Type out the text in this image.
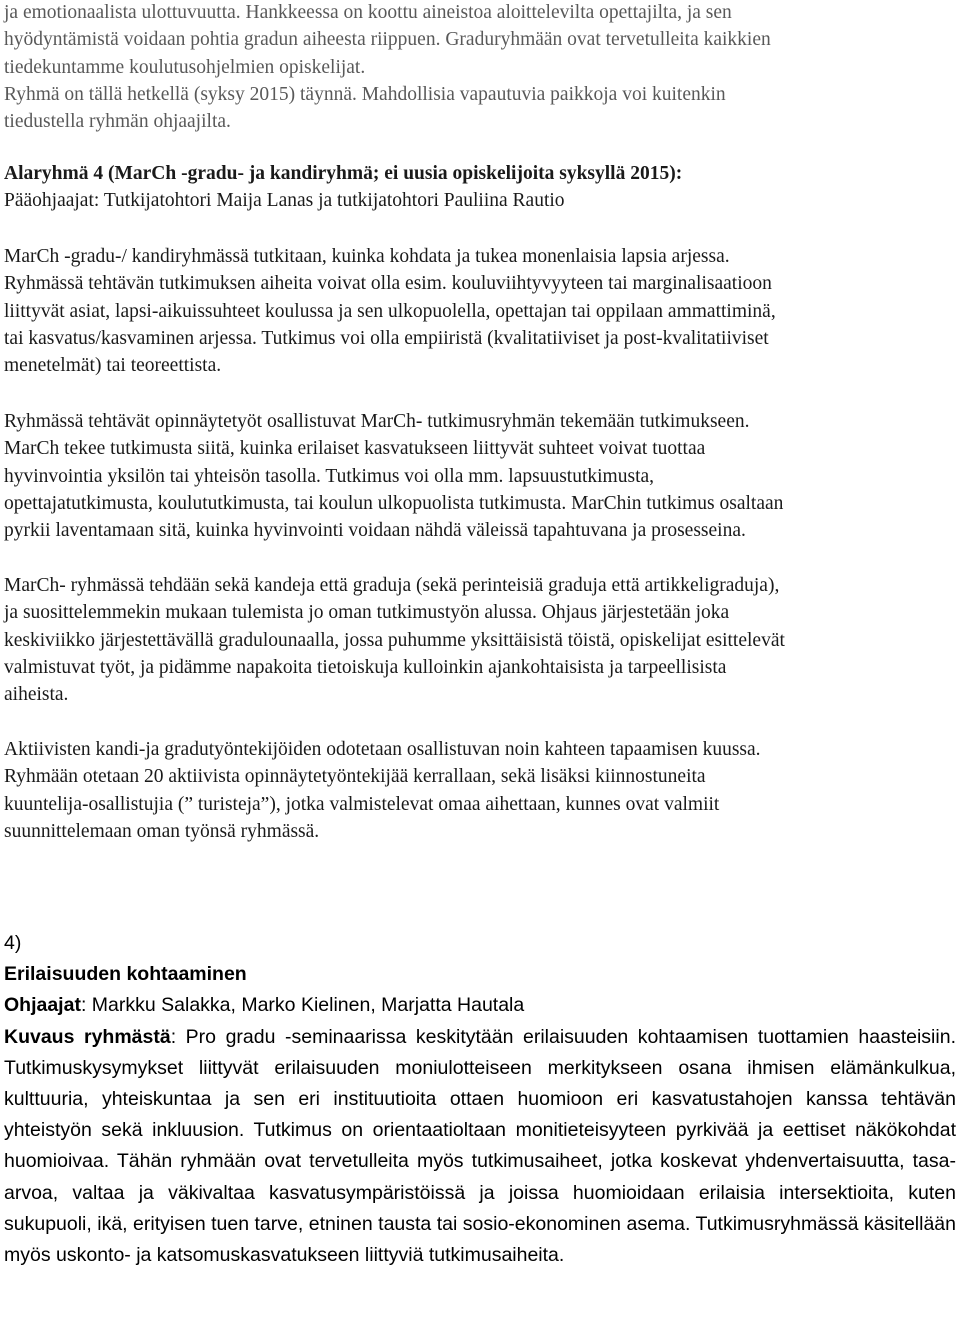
ja emotionaalista ulottuvuutta. Hankkeessa on koottu aineistoa aloittelevilta opettajilta, ja sen

hyödyntämistä voidaan pohtia gradun aiheesta riippuen. Graduryhmään ovat tervetulleita kaikkien

tiedekuntamme koulutusohjelmien opiskelijat.

Ryhmä on tällä hetkellä (syksy 2015) täynnä. Mahdollisia vapautuvia paikkoja voi kuitenkin

tiedustella ryhmän ohjaajilta.

Alaryhmä 4 (MarCh -gradu- ja kandiryhmä; ei uusia opiskelijoita syksyllä 2015):

Pääohjaajat: Tutkijatohtori Maija Lanas ja tutkijatohtori Pauliina Rautio

MarCh -gradu-/ kandiryhmässä tutkitaan, kuinka kohdata ja tukea monenlaisia lapsia arjessa.

Ryhmässä tehtävän tutkimuksen aiheita voivat olla esim. kouluviihtyvyyteen tai marginalisaatioon

liittyvät asiat, lapsi-aikuissuhteet koulussa ja sen ulkopuolella, opettajan tai oppilaan ammattiminä,

tai kasvatus/kasvaminen arjessa. Tutkimus voi olla empiiristä (kvalitatiiviset ja post-kvalitatiiviset

menetelmät) tai teoreettista.

Ryhmässä tehtävät opinnäytetyöt osallistuvat MarCh- tutkimusryhmän tekemään tutkimukseen.

MarCh tekee tutkimusta siitä, kuinka erilaiset kasvatukseen liittyvät suhteet voivat tuottaa

hyvinvointia yksilön tai yhteisön tasolla. Tutkimus voi olla mm. lapsuustutkimusta,

opettajatutkimusta, koulututkimusta, tai koulun ulkopuolista tutkimusta. MarChin tutkimus osaltaan

pyrkii laventamaan sitä, kuinka hyvinvointi voidaan nähdä väleissä tapahtuvana ja prosesseina.

MarCh- ryhmässä tehdään sekä kandeja että graduja (sekä perinteisiä graduja että artikkeligraduja),

ja suosittelemmekin mukaan tulemista jo oman tutkimustyön alussa. Ohjaus järjestetään joka

keskiviikko järjestettävällä gradulounaalla, jossa puhumme yksittäisistä töistä, opiskelijat esittelevät

valmistuvat työt, ja pidämme napakoita tietoiskuja kulloinkin ajankohtaisista ja tarpeellisista

aiheista.

Aktiivisten kandi-ja gradutyöntekijöiden odotetaan osallistuvan noin kahteen tapaamisen kuussa.

Ryhmään otetaan 20 aktiivista opinnäytetyöntekijää kerrallaan, sekä lisäksi kiinnostuneita

kuuntelija-osallistujia (” turisteja”), jotka valmistelevat omaa aihettaan, kunnes ovat valmiit

suunnittelemaan oman työnsä ryhmässä.

4)

Erilaisuuden kohtaaminen

Ohjaajat: Markku Salakka, Marko Kielinen, Marjatta Hautala

Kuvaus ryhmästä: Pro gradu -seminaarissa keskitytään erilaisuuden kohtaamisen tuottamien haasteisiin. Tutkimuskysymykset liittyvät erilaisuuden moniulotteiseen merkitykseen osana ihmisen elämänkulkua, kulttuuria, yhteiskuntaa ja sen eri instituutioita ottaen huomioon eri kasvatustahojen kanssa tehtävän yhteistyön sekä inkluusion. Tutkimus on orientaatioltaan monitieteisyyteen pyrkivää ja eettiset näkökohdat huomioivaa. Tähän ryhmään ovat tervetulleita myös tutkimusaiheet, jotka koskevat yhdenvertaisuutta, tasa-arvoa, valtaa ja väkivaltaa kasvatusympäristöissä ja joissa huomioidaan erilaisia intersektioita, kuten sukupuoli, ikä, erityisen tuen tarve, etninen tausta tai sosio-ekonominen asema. Tutkimusryhmässä käsitellään myös uskonto- ja katsomuskasvatukseen liittyviä tutkimusaiheita.
